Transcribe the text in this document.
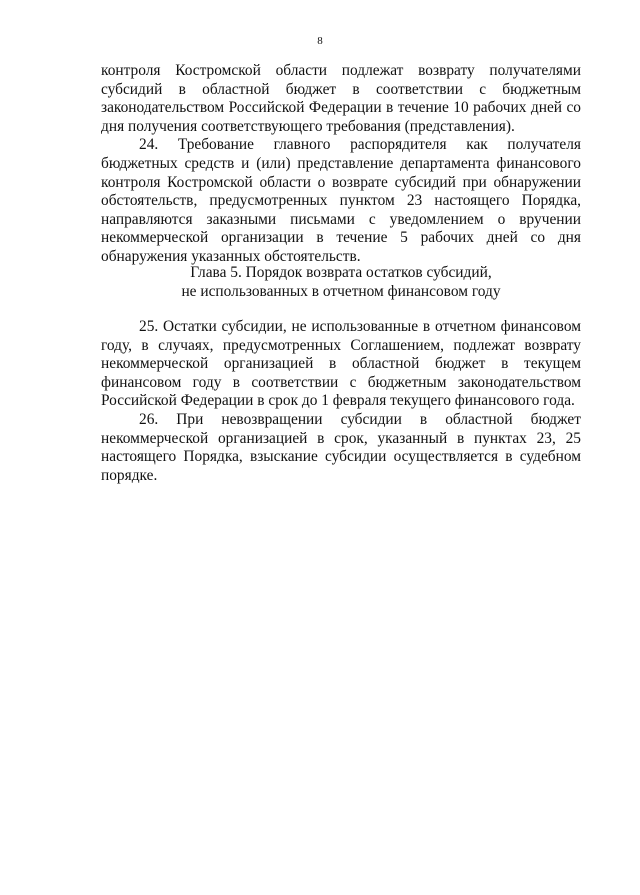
8

контроля Костромской области подлежат возврату получателями субсидий в областной бюджет в соответствии с бюджетным законодательством Российской Федерации в течение 10 рабочих дней со дня получения соответствующего требования (представления).

24. Требование главного распорядителя как получателя бюджетных средств и (или) представление департамента финансового контроля Костромской области о возврате субсидий при обнаружении обстоятельств, предусмотренных пунктом 23 настоящего Порядка, направляются заказными письмами с уведомлением о вручении некоммерческой организации в течение 5 рабочих дней со дня обнаружения указанных обстоятельств.

Глава 5. Порядок возврата остатков субсидий,
не использованных в отчетном финансовом году

25. Остатки субсидии, не использованные в отчетном финансовом году, в случаях, предусмотренных Соглашением, подлежат возврату некоммерческой организацией в областной бюджет в текущем финансовом году в соответствии с бюджетным законодательством Российской Федерации в срок до 1 февраля текущего финансового года.

26. При невозвращении субсидии в областной бюджет некоммерческой организацией в срок, указанный в пунктах 23, 25 настоящего Порядка, взыскание субсидии осуществляется в судебном порядке.
